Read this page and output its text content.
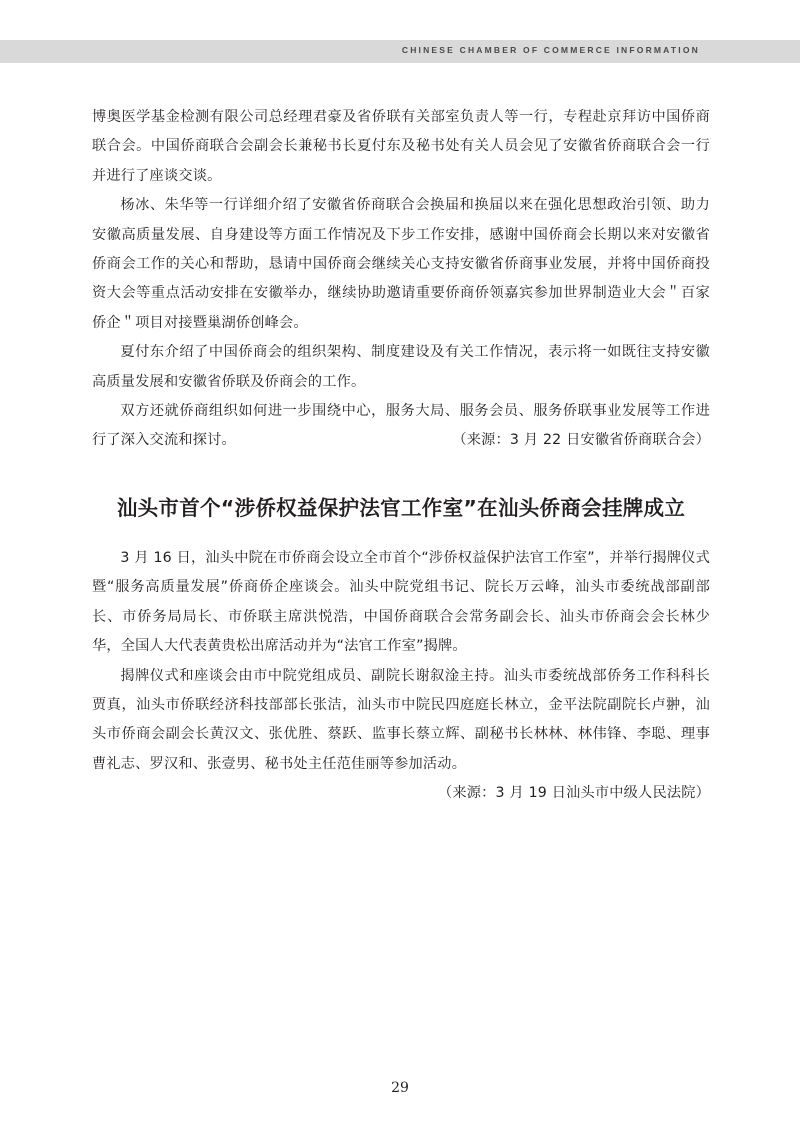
CHINESE CHAMBER OF COMMERCE INFORMATION

博奥医学基金检测有限公司总经理君豪及省侨联有关部室负责人等一行，专程赴京拜访中国侨商联合会。中国侨商联合会副会长兼秘书长夏付东及秘书处有关人员会见了安徽省侨商联合会一行并进行了座谈交谈。

杨冰、朱华等一行详细介绍了安徽省侨商联合会换届和换届以来在强化思想政治引领、助力安徽高质量发展、自身建设等方面工作情况及下步工作安排，感谢中国侨商会长期以来对安徽省侨商会工作的关心和帮助，恳请中国侨商会继续关心支持安徽省侨商事业发展，并将中国侨商投资大会等重点活动安排在安徽举办，继续协助邀请重要侨商侨领嘉宾参加世界制造业大会＂百家侨企＂项目对接暨巢湖侨创峰会。

夏付东介绍了中国侨商会的组织架构、制度建设及有关工作情况，表示将一如既往支持安徽高质量发展和安徽省侨联及侨商会的工作。

双方还就侨商组织如何进一步围绕中心，服务大局、服务会员、服务侨联事业发展等工作进行了深入交流和探讨。	（来源：3 月 22 日安徽省侨商联合会）

汕头市首个“涉侨权益保护法官工作室”在汕头侨商会挂牌成立

3 月 16 日，汕头中院在市侨商会设立全市首个“涉侨权益保护法官工作室”，并举行揭牌仪式暨“服务高质量发展”侨商侨企座谈会。汕头中院党组书记、院长万云峰，汕头市委统战部副部长、市侨务局局长、市侨联主席洪悦浩，中国侨商联合会常务副会长、汕头市侨商会会长林少华，全国人大代表黄贵松出席活动并为“法官工作室”揭牌。

揭牌仪式和座谈会由市中院党组成员、副院长谢叙淦主持。汕头市委统战部侨务工作科科长贾真，汕头市侨联经济科技部部长张洁，汕头市中院民四庭庭长林立，金平法院副院长卢翀，汕头市侨商会副会长黄汉文、张优胜、蔡跃、监事长蔡立辉、副秘书长林林、林伟锋、李聪、理事曹礼志、罗汉和、张壹男、秘书处主任范佳丽等参加活动。

（来源：3 月 19 日汕头市中级人民法院）

29
